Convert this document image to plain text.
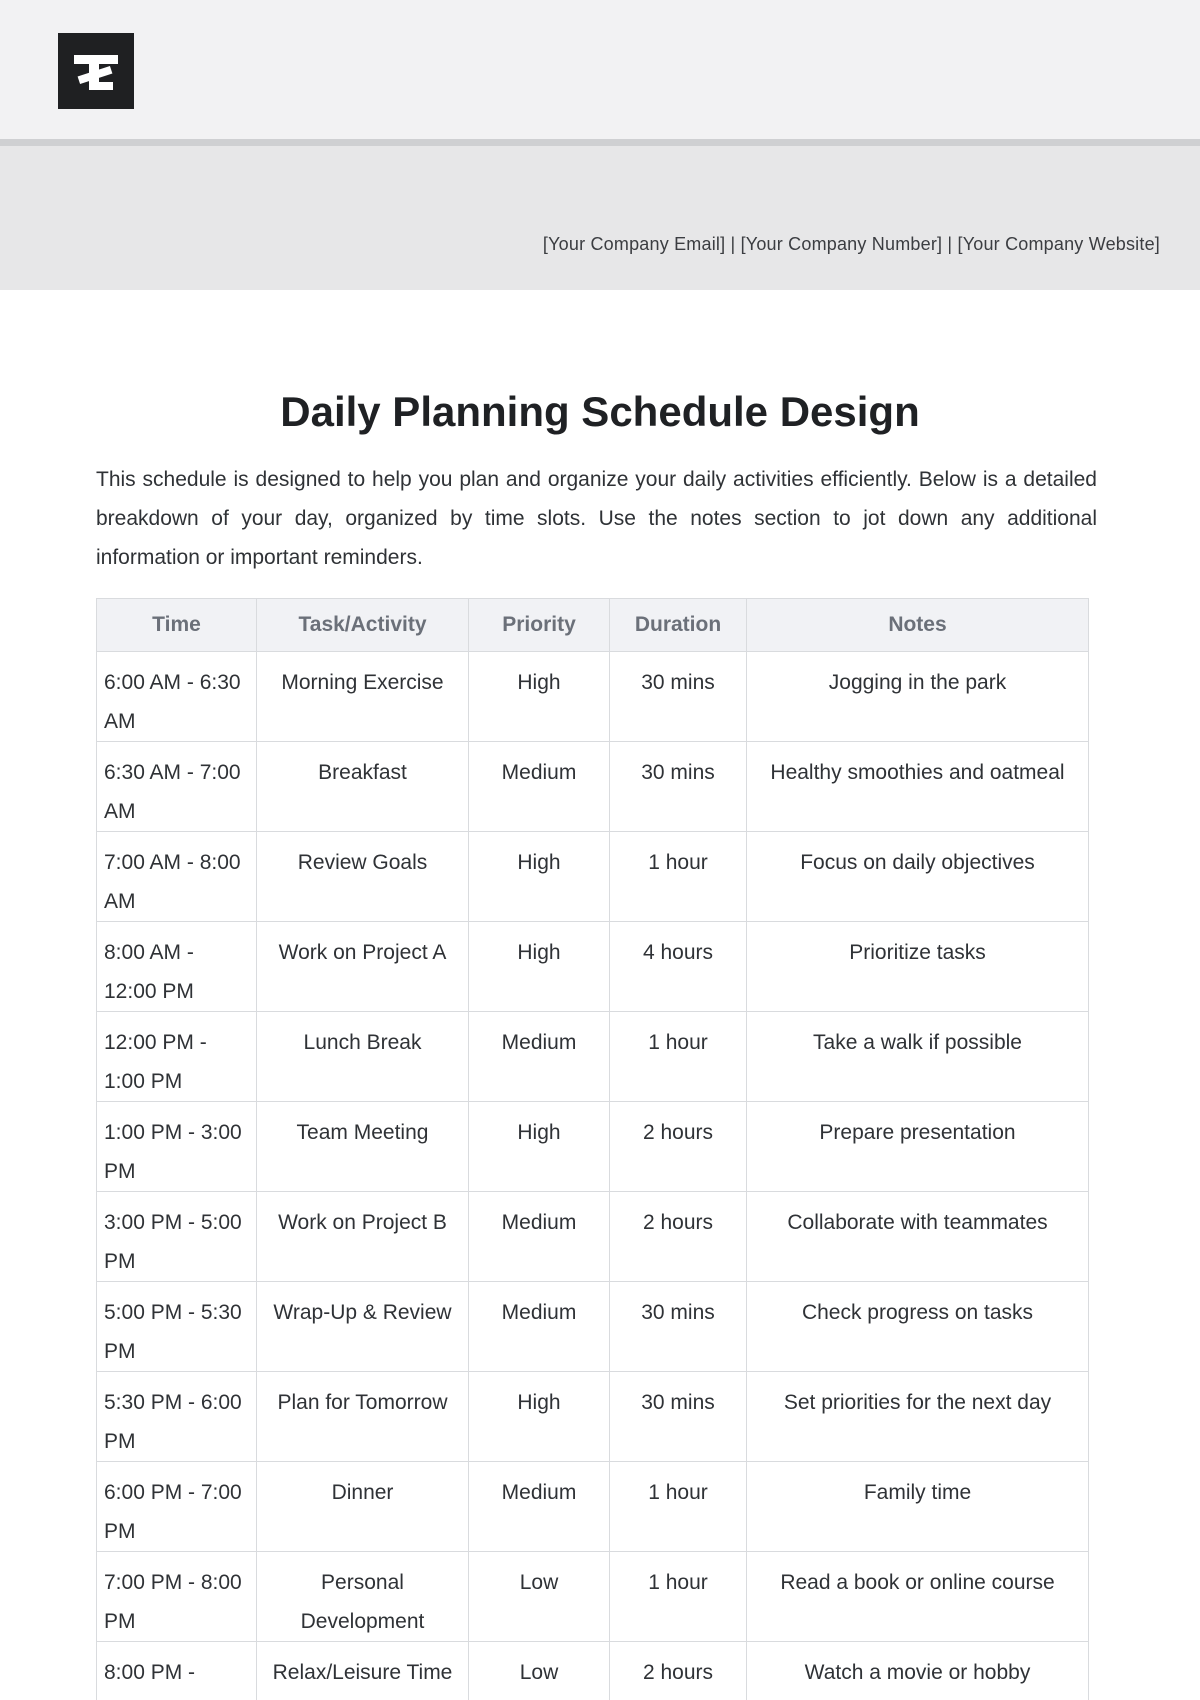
[Your Company Email] | [Your Company Number] | [Your Company Website]
Daily Planning Schedule Design

This schedule is designed to help you plan and organize your daily activities efficiently. Below is a detailed breakdown of your day, organized by time slots. Use the notes section to jot down any additional information or important reminders.

Time	Task/Activity	Priority	Duration	Notes
6:00 AM - 6:30 AM	Morning Exercise	High	30 mins	Jogging in the park
6:30 AM - 7:00 AM	Breakfast	Medium	30 mins	Healthy smoothies and oatmeal
7:00 AM - 8:00 AM	Review Goals	High	1 hour	Focus on daily objectives
8:00 AM - 12:00 PM	Work on Project A	High	4 hours	Prioritize tasks
12:00 PM - 1:00 PM	Lunch Break	Medium	1 hour	Take a walk if possible
1:00 PM - 3:00 PM	Team Meeting	High	2 hours	Prepare presentation
3:00 PM - 5:00 PM	Work on Project B	Medium	2 hours	Collaborate with teammates
5:00 PM - 5:30 PM	Wrap-Up & Review	Medium	30 mins	Check progress on tasks
5:30 PM - 6:00 PM	Plan for Tomorrow	High	30 mins	Set priorities for the next day
6:00 PM - 7:00 PM	Dinner	Medium	1 hour	Family time
7:00 PM - 8:00 PM	Personal Development	Low	1 hour	Read a book or online course
8:00 PM -	Relax/Leisure Time	Low	2 hours	Watch a movie or hobby
